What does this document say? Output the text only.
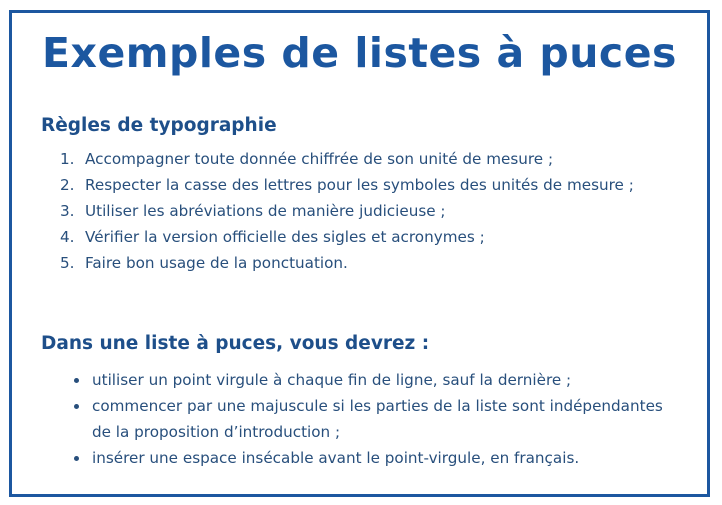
Exemples de listes à puces
Règles de typographie
1. Accompagner toute donnée chiffrée de son unité de mesure ;
2. Respecter la casse des lettres pour les symboles des unités de mesure ;
3. Utiliser les abréviations de manière judicieuse ;
4. Vérifier la version officielle des sigles et acronymes ;
5. Faire bon usage de la ponctuation.
Dans une liste à puces, vous devrez :
utiliser un point virgule à chaque fin de ligne, sauf la dernière ;
commencer par une majuscule si les parties de la liste sont indépendantes de la proposition d’introduction ;
insérer une espace insécable avant le point-virgule, en français.
